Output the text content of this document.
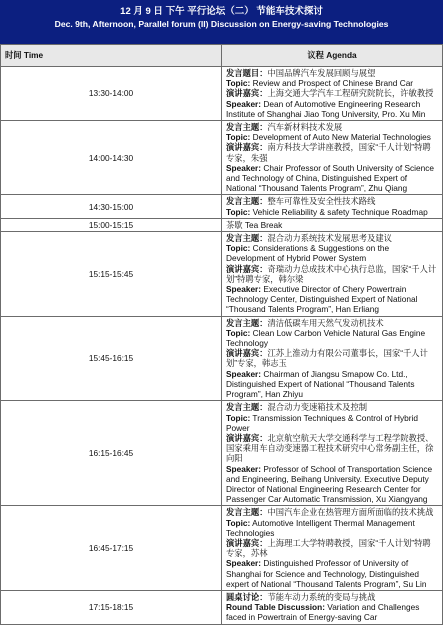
12 月 9 日 下午 平行论坛（二） 节能车技术探讨
Dec. 9th, Afternoon, Parallel forum (II) Discussion on Energy-saving Technologies
时间 Time	议程 Agenda
13:30-14:00	发言题目：中国品牌汽车发展回顾与展望
Topic: Review and Prospect of Chinese Brand Car
演讲嘉宾：上海交通大学汽车工程研究院院长，许敏教授
Speaker: Dean of Automotive Engineering Research Institute of Shanghai Jiao Tong University, Pro. Xu Min

14:00-14:30	发言主题：汽车新材料技术发展
Topic: Development of Auto New Material Technologies
演讲嘉宾：南方科技大学讲座教授，国家“千人计划”特聘专家，朱强
Speaker: Chair Professor of South University of Science and Technology of China, Distinguished Expert of National “Thousand Talents Program”, Zhu Qiang

14:30-15:00	发言主题：整车可靠性及安全性技术路线
Topic: Vehicle Reliability & safety Technique Roadmap

15:00-15:15	茶歇 Tea Break

15:15-15:45	发言主题：混合动力系统技术发展思考及建议
Topic: Considerations & Suggestions on the Development of Hybrid Power System
演讲嘉宾：奇瑞动力总成技术中心执行总监，国家“千人计划”特聘专家，韩尔梁
Speaker: Executive Director of Chery Powertrain Technology Center, Distinguished Expert of National “Thousand Talents Program”, Han Erliang

15:45-16:15	发言主题：清洁低碳车用天然气发动机技术
Topic: Clean Low Carbon Vehicle Natural Gas Engine Technology
演讲嘉宾：江苏上淮动力有限公司董事长，国家“千人计划”专家，韩志玉
Speaker: Chairman of Jiangsu Smapow Co. Ltd., Distinguished Expert of National “Thousand Talents Program”, Han Zhiyu

16:15-16:45	发言主题：混合动力变速箱技术及控制
Topic: Transmission Techniques & Control of Hybrid Power
演讲嘉宾：北京航空航天大学交通科学与工程学院教授、国家乘用车自动变速器工程技术研究中心常务副主任，徐向阳
Speaker: Professor of School of Transportation Science and Engineering, Beihang University. Executive Deputy Director of National Engineering Research Center for Passenger Car Automatic Transmission, Xu Xiangyang

16:45-17:15	发言主题：中国汽车企业在热管理方面所面临的技术挑战
Topic: Automotive Intelligent Thermal Management Technologies
演讲嘉宾：上海理工大学特聘教授，国家“千人计划”特聘专家，苏林
Speaker: Distinguished Professor of University of Shanghai for Science and Technology, Distinguished expert of National “Thousand Talents Program”, Su Lin

17:15-18:15	圆桌讨论：节能车动力系统的变局与挑战
Round Table Discussion: Variation and Challenges faced in Powertrain of Energy-saving Car
